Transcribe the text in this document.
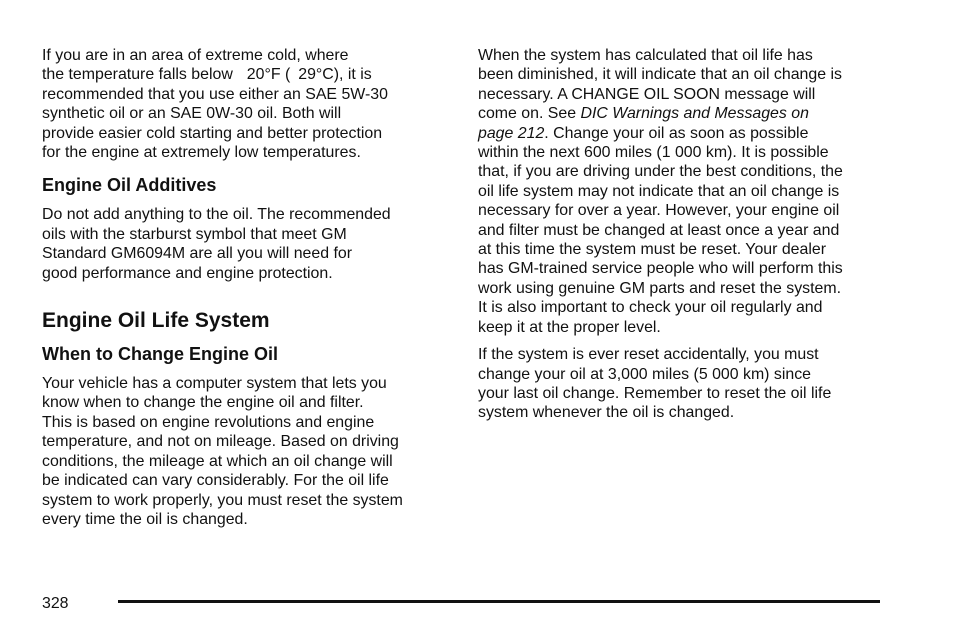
If you are in an area of extreme cold, where
the temperature falls below 20°F ( 29°C), it is
recommended that you use either an SAE 5W-30
synthetic oil or an SAE 0W-30 oil. Both will
provide easier cold starting and better protection
for the engine at extremely low temperatures.

Engine Oil Additives

Do not add anything to the oil. The recommended
oils with the starburst symbol that meet GM
Standard GM6094M are all you will need for
good performance and engine protection.

Engine Oil Life System
When to Change Engine Oil

Your vehicle has a computer system that lets you
know when to change the engine oil and filter.
This is based on engine revolutions and engine
temperature, and not on mileage. Based on driving
conditions, the mileage at which an oil change will
be indicated can vary considerably. For the oil life
system to work properly, you must reset the system
every time the oil is changed.

When the system has calculated that oil life has
been diminished, it will indicate that an oil change is
necessary. A CHANGE OIL SOON message will
come on. See DIC Warnings and Messages on
page 212. Change your oil as soon as possible
within the next 600 miles (1 000 km). It is possible
that, if you are driving under the best conditions, the
oil life system may not indicate that an oil change is
necessary for over a year. However, your engine oil
and filter must be changed at least once a year and
at this time the system must be reset. Your dealer
has GM-trained service people who will perform this
work using genuine GM parts and reset the system.
It is also important to check your oil regularly and
keep it at the proper level.

If the system is ever reset accidentally, you must
change your oil at 3,000 miles (5 000 km) since
your last oil change. Remember to reset the oil life
system whenever the oil is changed.

328
